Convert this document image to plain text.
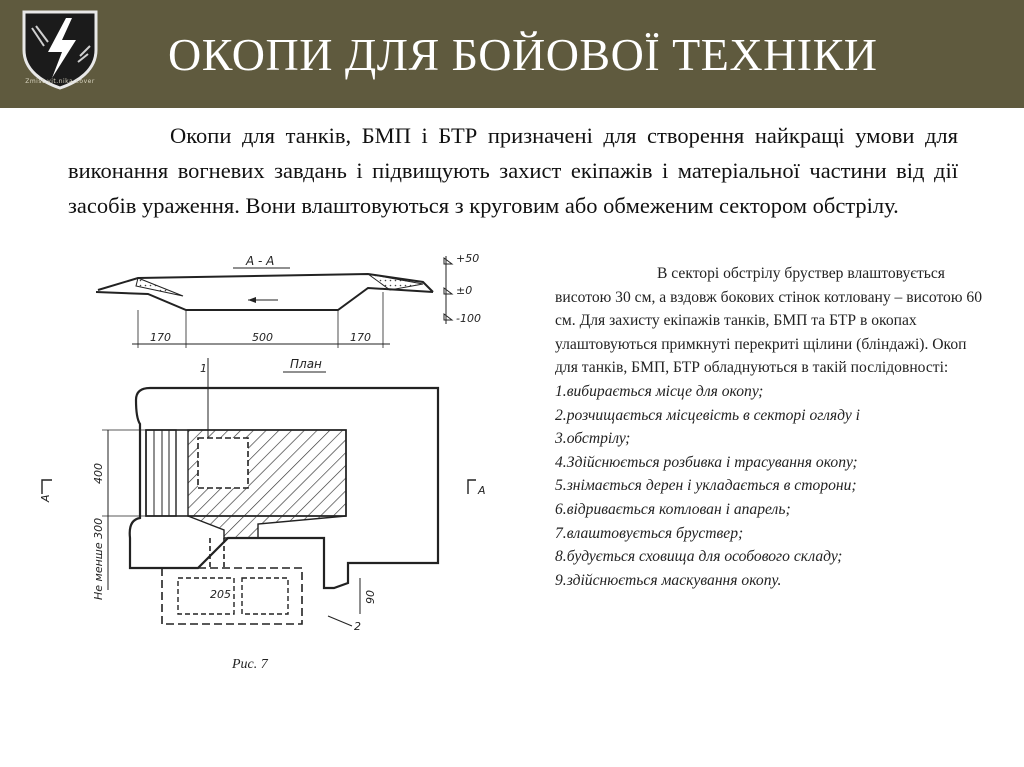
Zmist.vit.nika.cover
ОКОПИ ДЛЯ БОЙОВОЇ ТЕХНІКИ

Окопи для танків, БМП і БТР призначені для створення найкращі умови для виконання вогневих завдань і підвищують захист екіпажів і матеріальної частини від дії засобів ураження. Вони влаштовуються з круговим або обмеженим сектором обстрілу.

А - А	+50
±0
-100
170	500	170
План
1
400
Не менше 300
А
А
205	90
2
Рис. 7

В секторі обстрілу бруствер влаштовується висотою 30 см, а вздовж бокових стінок котловану – висотою 60 см. Для захисту екіпажів танків, БМП та БТР в окопах улаштовуються примкнуті перекриті щілини (бліндажі). Окоп для танків, БМП, БТР обладнуються в такій послідовності:

1.вибирається місце для окопу;

2.розчищається місцевість в секторі огляду і

3.обстрілу;

4.Здійснюється розбивка і трасування окопу;

5.знімається дерен і укладається в сторони;

6.відривається котлован і апарель;

7.влаштовується бруствер;

8.будується сховища для особового складу;

9.здійснюється маскування окопу.
